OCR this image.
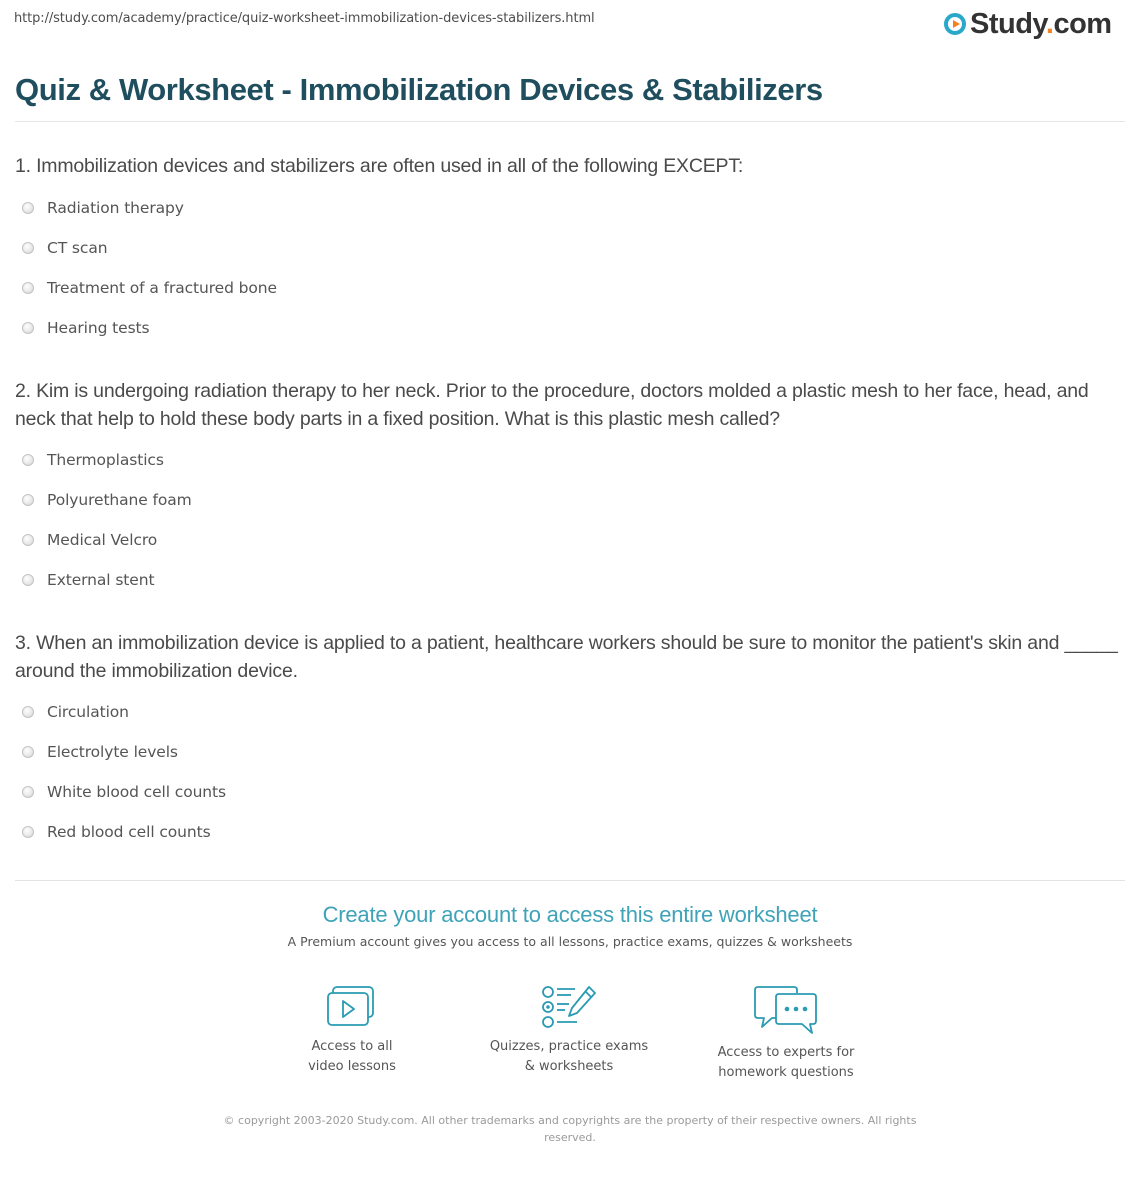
http://study.com/academy/practice/quiz-worksheet-immobilization-devices-stabilizers.html	Study.com
Quiz & Worksheet - Immobilization Devices & Stabilizers
1. Immobilization devices and stabilizers are often used in all of the following EXCEPT:
Radiation therapy
CT scan
Treatment of a fractured bone
Hearing tests
2. Kim is undergoing radiation therapy to her neck. Prior to the procedure, doctors molded a plastic mesh to her face, head, and neck that help to hold these body parts in a fixed position. What is this plastic mesh called?
Thermoplastics
Polyurethane foam
Medical Velcro
External stent
3. When an immobilization device is applied to a patient, healthcare workers should be sure to monitor the patient's skin and _____ around the immobilization device.
Circulation
Electrolyte levels
White blood cell counts
Red blood cell counts
Create your account to access this entire worksheet
A Premium account gives you access to all lessons, practice exams, quizzes & worksheets
Access to all
video lessons
Quizzes, practice exams
& worksheets
Access to experts for
homework questions
© copyright 2003-2020 Study.com. All other trademarks and copyrights are the property of their respective owners. All rights reserved.
